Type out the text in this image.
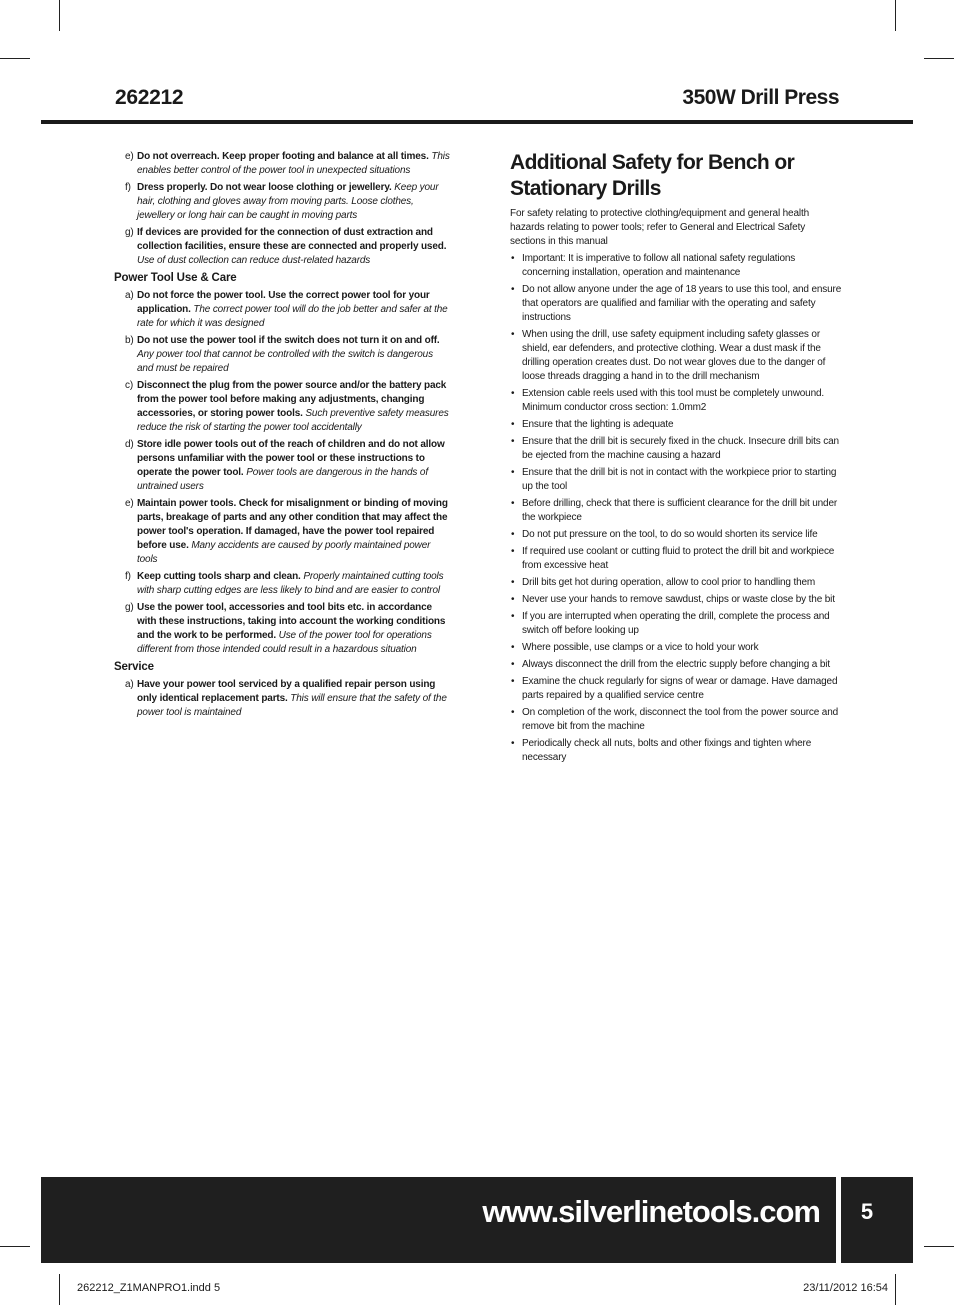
262212	350W Drill Press
e) Do not overreach. Keep proper footing and balance at all times. This enables better control of the power tool in unexpected situations
f) Dress properly. Do not wear loose clothing or jewellery. Keep your hair, clothing and gloves away from moving parts. Loose clothes, jewellery or long hair can be caught in moving parts
g) If devices are provided for the connection of dust extraction and collection facilities, ensure these are connected and properly used. Use of dust collection can reduce dust-related hazards
Power Tool Use & Care
a) Do not force the power tool. Use the correct power tool for your application. The correct power tool will do the job better and safer at the rate for which it was designed
b) Do not use the power tool if the switch does not turn it on and off. Any power tool that cannot be controlled with the switch is dangerous and must be repaired
c) Disconnect the plug from the power source and/or the battery pack from the power tool before making any adjustments, changing accessories, or storing power tools. Such preventive safety measures reduce the risk of starting the power tool accidentally
d) Store idle power tools out of the reach of children and do not allow persons unfamiliar with the power tool or these instructions to operate the power tool. Power tools are dangerous in the hands of untrained users
e) Maintain power tools. Check for misalignment or binding of moving parts, breakage of parts and any other condition that may affect the power tool's operation. If damaged, have the power tool repaired before use. Many accidents are caused by poorly maintained power tools
f) Keep cutting tools sharp and clean. Properly maintained cutting tools with sharp cutting edges are less likely to bind and are easier to control
g) Use the power tool, accessories and tool bits etc. in accordance with these instructions, taking into account the working conditions and the work to be performed. Use of the power tool for operations different from those intended could result in a hazardous situation
Service
a) Have your power tool serviced by a qualified repair person using only identical replacement parts. This will ensure that the safety of the power tool is maintained
Additional Safety for Bench or Stationary Drills
For safety relating to protective clothing/equipment and general health hazards relating to power tools; refer to General and Electrical Safety sections in this manual
• Important: It is imperative to follow all national safety regulations concerning installation, operation and maintenance
• Do not allow anyone under the age of 18 years to use this tool, and ensure that operators are qualified and familiar with the operating and safety instructions
• When using the drill, use safety equipment including safety glasses or shield, ear defenders, and protective clothing. Wear a dust mask if the drilling operation creates dust. Do not wear gloves due to the danger of loose threads dragging a hand in to the drill mechanism
• Extension cable reels used with this tool must be completely unwound. Minimum conductor cross section: 1.0mm2
• Ensure that the lighting is adequate
• Ensure that the drill bit is securely fixed in the chuck. Insecure drill bits can be ejected from the machine causing a hazard
• Ensure that the drill bit is not in contact with the workpiece prior to starting up the tool
• Before drilling, check that there is sufficient clearance for the drill bit under the workpiece
• Do not put pressure on the tool, to do so would shorten its service life
• If required use coolant or cutting fluid to protect the drill bit and workpiece from excessive heat
• Drill bits get hot during operation, allow to cool prior to handling them
• Never use your hands to remove sawdust, chips or waste close by the bit
• If you are interrupted when operating the drill, complete the process and switch off before looking up
• Where possible, use clamps or a vice to hold your work
• Always disconnect the drill from the electric supply before changing a bit
• Examine the chuck regularly for signs of wear or damage. Have damaged parts repaired by a qualified service centre
• On completion of the work, disconnect the tool from the power source and remove bit from the machine
• Periodically check all nuts, bolts and other fixings and tighten where necessary
www.silverlinetools.com	5
262212_Z1MANPRO1.indd 5	23/11/2012 16:54
